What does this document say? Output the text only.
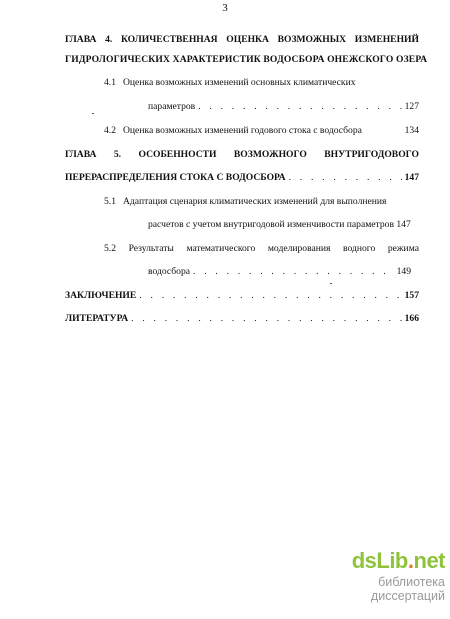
3
ГЛАВА 4. КОЛИЧЕСТВЕННАЯ ОЦЕНКА ВОЗМОЖНЫХ ИЗМЕНЕНИЙ
ГИДРОЛОГИЧЕСКИХ ХАРАКТЕРИСТИК ВОДОСБОРА ОНЕЖСКОГО ОЗЕРА
4.1 Оценка возможных изменений основных климатических
параметров . . .	127
4.2 Оценка возможных изменений годового стока с водосбора	134
ГЛАВА 5. ОСОБЕННОСТИ ВОЗМОЖНОГО ВНУТРИГОДОВОГО
ПЕРЕРАСПРЕДЕЛЕНИЯ СТОКА С ВОДОСБОРА . . .	147
5.1 Адаптация сценария климатических изменений для выполнения
расчетов с учетом внутригодовой изменчивости параметров 147
5.2 Результаты математического моделирования водного режима
водосбора . . .	149
ЗАКЛЮЧЕНИЕ . . .	157
ЛИТЕРАТУРА . . .	166
dsLib.net
библиотека диссертаций
